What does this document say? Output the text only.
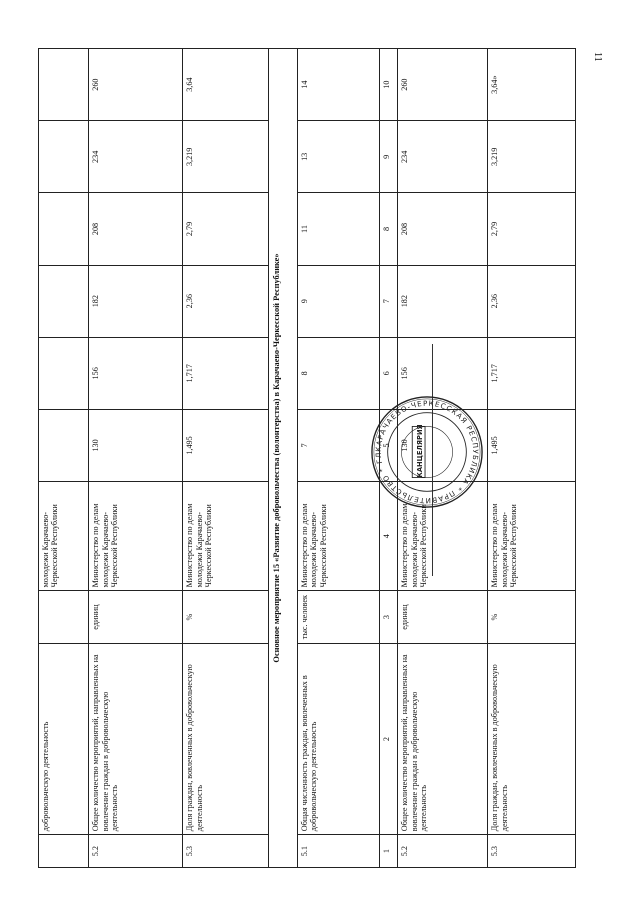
11
	добровольческую деятельность		молодежи Карачаево-Черкесской Республики						
5.2	Общее количество мероприятий, направленных на вовлечение граждан в добровольческую деятельность	единиц	Министерство по делам молодежи Карачаево-Черкесской Республики	130	156	182	208	234	260
5.3	Доля граждан, вовлеченных в добровольческую деятельность	%	Министерство по делам молодежи Карачаево-Черкесской Республики	1,495	1,717	2,36	2,79	3,219	3,64
Основное мероприятие 15 «Развитие добровольчества (волонтерства) в Карачаево-Черкесской Республике»									
5.1	Общая численность граждан, вовлеченных в добровольческую деятельность	тыс. человек	Министерство по делам молодежи Карачаево-Черкесской Республики	7	8	9	11	13	14
1	2	3	4	5	6	7	8	9	10
5.2	Общее количество мероприятий, направленных на вовлечение граждан в добровольческую деятельность	единиц	Министерство по делам молодежи Карачаево-Черкесской Республики	130	156	182	208	234	260
5.3	Доля граждан, вовлеченных в добровольческую деятельность	%	Министерство по делам молодежи Карачаево-Черкесской Республики	1,495	1,717	2,36	2,79	3,219	3,64»
КАРАЧАЕВО-ЧЕРКЕССКАЯ РЕСПУБЛИКА * ПРАВИТЕЛЬСТВО * ГЛ	КАНЦЕЛЯРИЯ
